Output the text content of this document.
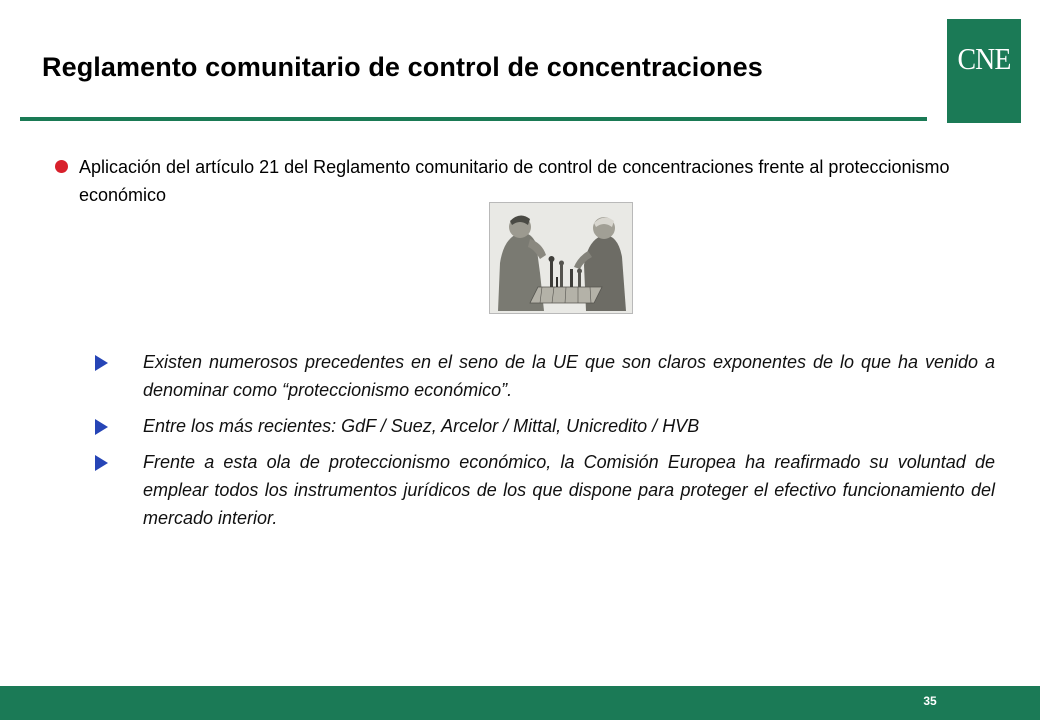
Reglamento comunitario de control de concentraciones	CNE

Aplicación del artículo 21 del Reglamento comunitario de control de concentraciones frente al proteccionismo económico

Existen numerosos precedentes en el seno de la UE que son claros exponentes de lo que ha venido a denominar como “proteccionismo económico”.
Entre los más recientes: GdF / Suez, Arcelor / Mittal, Unicredito / HVB
Frente a esta ola de proteccionismo económico, la Comisión Europea ha reafirmado su voluntad de emplear todos los instrumentos jurídicos de los que dispone para proteger el efectivo funcionamiento del mercado interior.
35
